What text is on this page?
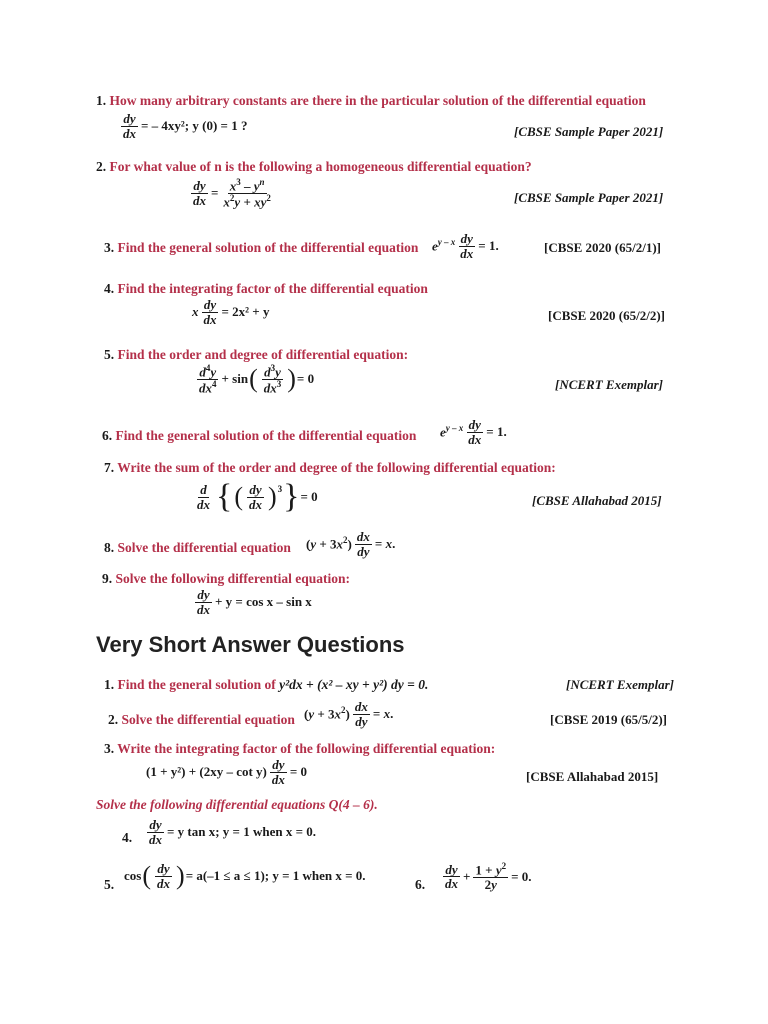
1. How many arbitrary constants are there in the particular solution of the differential equation
$\frac{dy}{dx}$ = – 4xy²; y (0) = 1 ?	[CBSE Sample Paper 2021]
2. For what value of n is the following a homogeneous differential equation?
$\frac{dy}{dx} = \frac{x^3 - y^n}{x^2y + xy^2}$	[CBSE Sample Paper 2021]
3. Find the general solution of the differential equation $e^{y - x} \frac{dy}{dx} = 1$.	[CBSE 2020 (65/2/1)]
4. Find the integrating factor of the differential equation
x $\frac{dy}{dx} = 2x^2 + y$	[CBSE 2020 (65/2/2)]
5. Find the order and degree of differential equation:
$\frac{d^4y}{dx^4} + \sin$ ( $\frac{d^3y}{dx^3}$ ) = 0	[NCERT Exemplar]
6. Find the general solution of the differential equation $e^{y - x} \frac{dy}{dx} = 1$.
7. Write the sum of the order and degree of the following differential equation:
$\frac{d}{dx}$ { ( $\frac{dy}{dx} )^3$ } = 0	[CBSE Allahabad 2015]
8. Solve the differential equation $(y + 3x^2) \frac{dx}{dy} = x$.
9. Solve the following differential equation:
$\frac{dy}{dx} + y = \cos x - \sin x$
Very Short Answer Questions
1. Find the general solution of y²dx + (x² – xy + y²) dy = 0.	[NCERT Exemplar]
2. Solve the differential equation $(y + 3x^2) \frac{dx}{dy} = x$.	[CBSE 2019 (65/5/2)]
3. Write the integrating factor of the following differential equation:
$(1 + y^2) + (2xy - \cot y) \frac{dy}{dx} = 0$	[CBSE Allahabad 2015]
Solve the following differential equations Q(4 – 6).
4. $\frac{dy}{dx} = y$ tan x; y = 1 when x = 0.
5.
cos ( $\frac{dy}{dx}$ ) = a(–1 ≤ a ≤ 1); y = 1 when x = 0.
6. $\frac{dy}{dx} + \frac{1 + y^2}{2y} = 0$.
